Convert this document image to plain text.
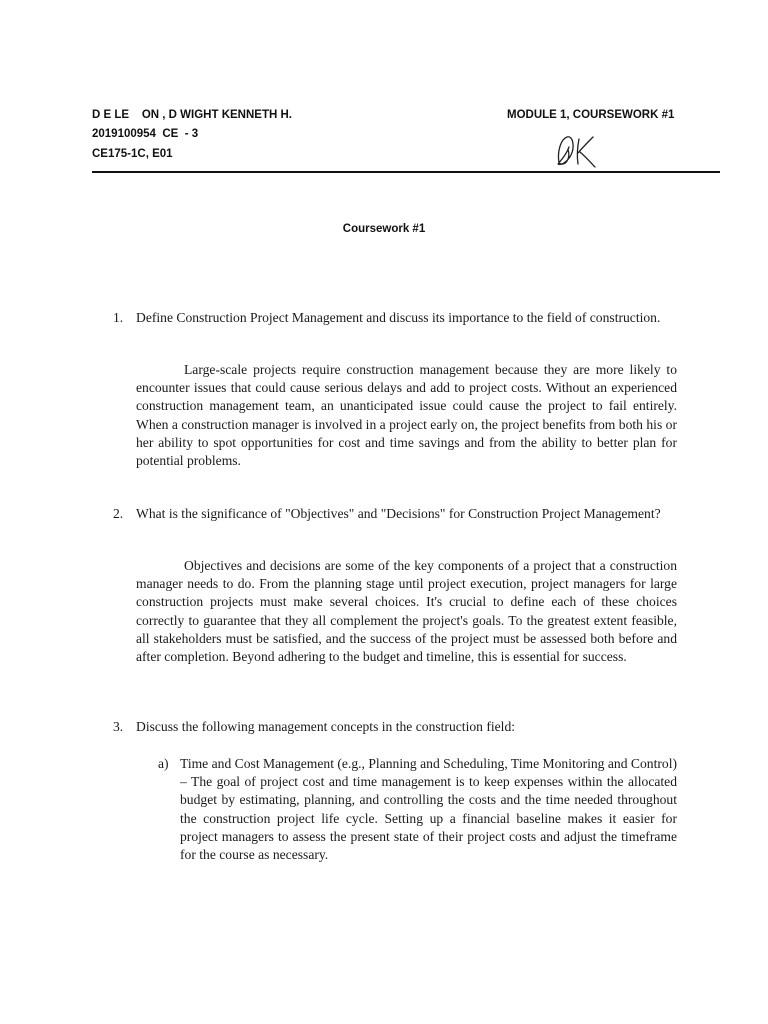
D E LE    ON , D WIGHT KENNETH H.
2019100954  CE  - 3
CE175-1C, E01
MODULE 1, COURSEWORK #1
Coursework #1
1. Define Construction Project Management and discuss its importance to the field of construction.
Large-scale projects require construction management because they are more likely to encounter issues that could cause serious delays and add to project costs. Without an experienced construction management team, an unanticipated issue could cause the project to fail entirely. When a construction manager is involved in a project early on, the project benefits from both his or her ability to spot opportunities for cost and time savings and from the ability to better plan for potential problems.
2. What is the significance of "Objectives" and "Decisions" for Construction Project Management?
Objectives and decisions are some of the key components of a project that a construction manager needs to do. From the planning stage until project execution, project managers for large construction projects must make several choices. It's crucial to define each of these choices correctly to guarantee that they all complement the project's goals. To the greatest extent feasible, all stakeholders must be satisfied, and the success of the project must be assessed both before and after completion. Beyond adhering to the budget and timeline, this is essential for success.
3. Discuss the following management concepts in the construction field:
a) Time and Cost Management (e.g., Planning and Scheduling, Time Monitoring and Control) – The goal of project cost and time management is to keep expenses within the allocated budget by estimating, planning, and controlling the costs and the time needed throughout the construction project life cycle. Setting up a financial baseline makes it easier for project managers to assess the present state of their project costs and adjust the timeframe for the course as necessary.
